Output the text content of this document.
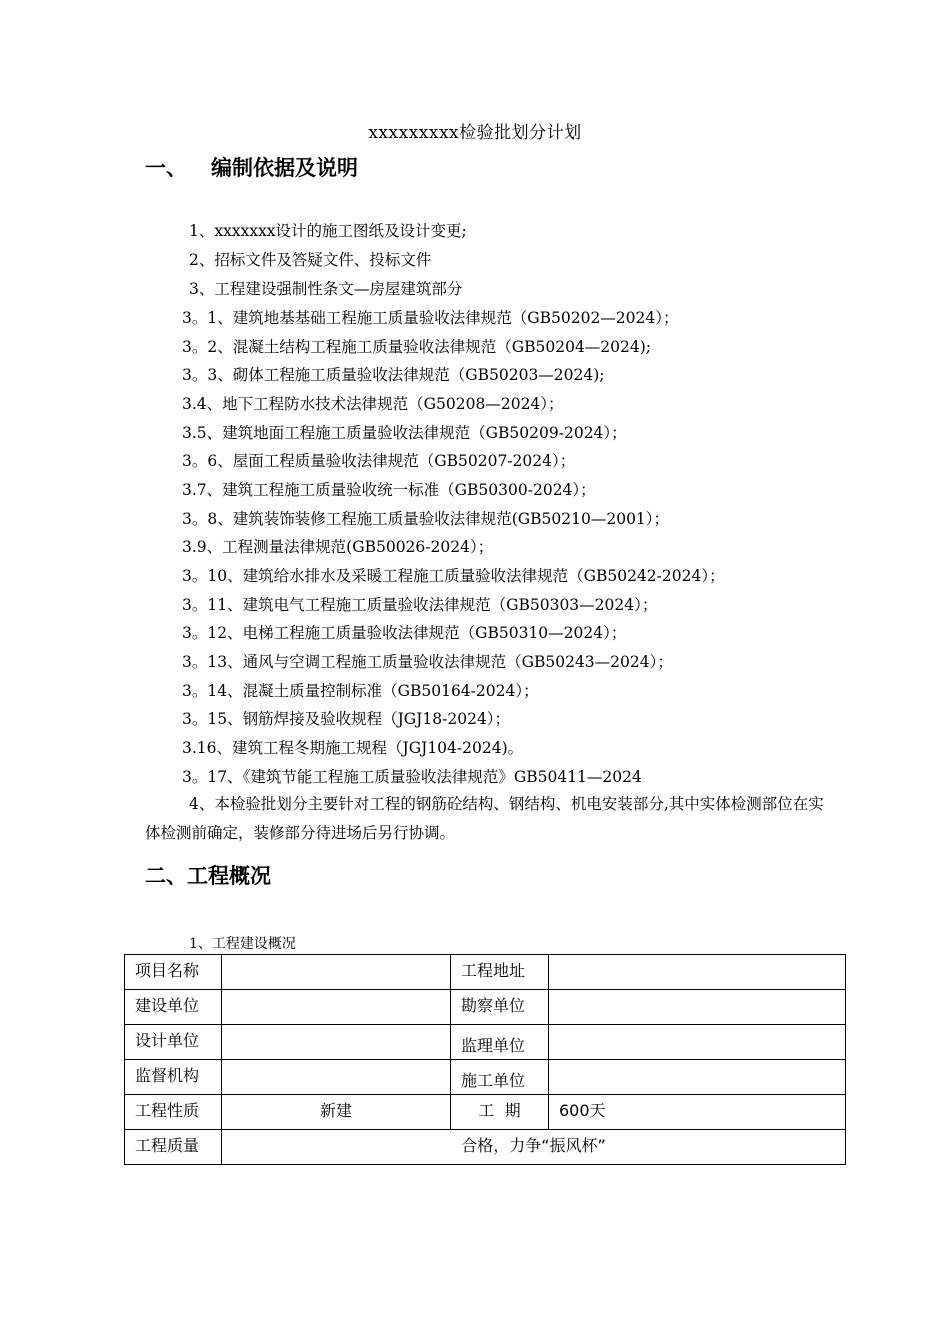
xxxxxxxxx检验批划分计划
一、 编制依据及说明
1、xxxxxxx设计的施工图纸及设计变更;
2、招标文件及答疑文件、投标文件
3、工程建设强制性条文—房屋建筑部分
3。1、建筑地基基础工程施工质量验收法律规范（GB50202—2024）；
3。2、混凝土结构工程施工质量验收法律规范（GB50204—2024);
3。3、砌体工程施工质量验收法律规范（GB50203—2024);
3.4、地下工程防水技术法律规范（G50208—2024）；
3.5、建筑地面工程施工质量验收法律规范（GB50209-2024）；
3。6、屋面工程质量验收法律规范（GB50207-2024）；
3.7、建筑工程施工质量验收统一标准（GB50300-2024）；
3。8、建筑装饰装修工程施工质量验收法律规范(GB50210—2001）；
3.9、工程测量法律规范(GB50026-2024）；
3。10、建筑给水排水及采暖工程施工质量验收法律规范（GB50242-2024）；
3。11、建筑电气工程施工质量验收法律规范（GB50303—2024）；
3。12、电梯工程施工质量验收法律规范（GB50310—2024）；
3。13、通风与空调工程施工质量验收法律规范（GB50243—2024）；
3。14、混凝土质量控制标准（GB50164-2024）；
3。15、钢筋焊接及验收规程（JGJ18-2024）；
3.16、建筑工程冬期施工规程（JGJ104-2024)。
3。17、《建筑节能工程施工质量验收法律规范》GB50411—2024
4、本检验批划分主要针对工程的钢筋砼结构、钢结构、机电安装部分,其中实体检测部位在实体检测前确定，装修部分待进场后另行协调。
二、工程概况
1、工程建设概况
项目名称		工程地址	
建设单位		勘察单位	
设计单位		监理单位	
监督机构		施工单位	
工程性质	新建	工  期	600天
工程质量	合格，力争“振风杯”		
